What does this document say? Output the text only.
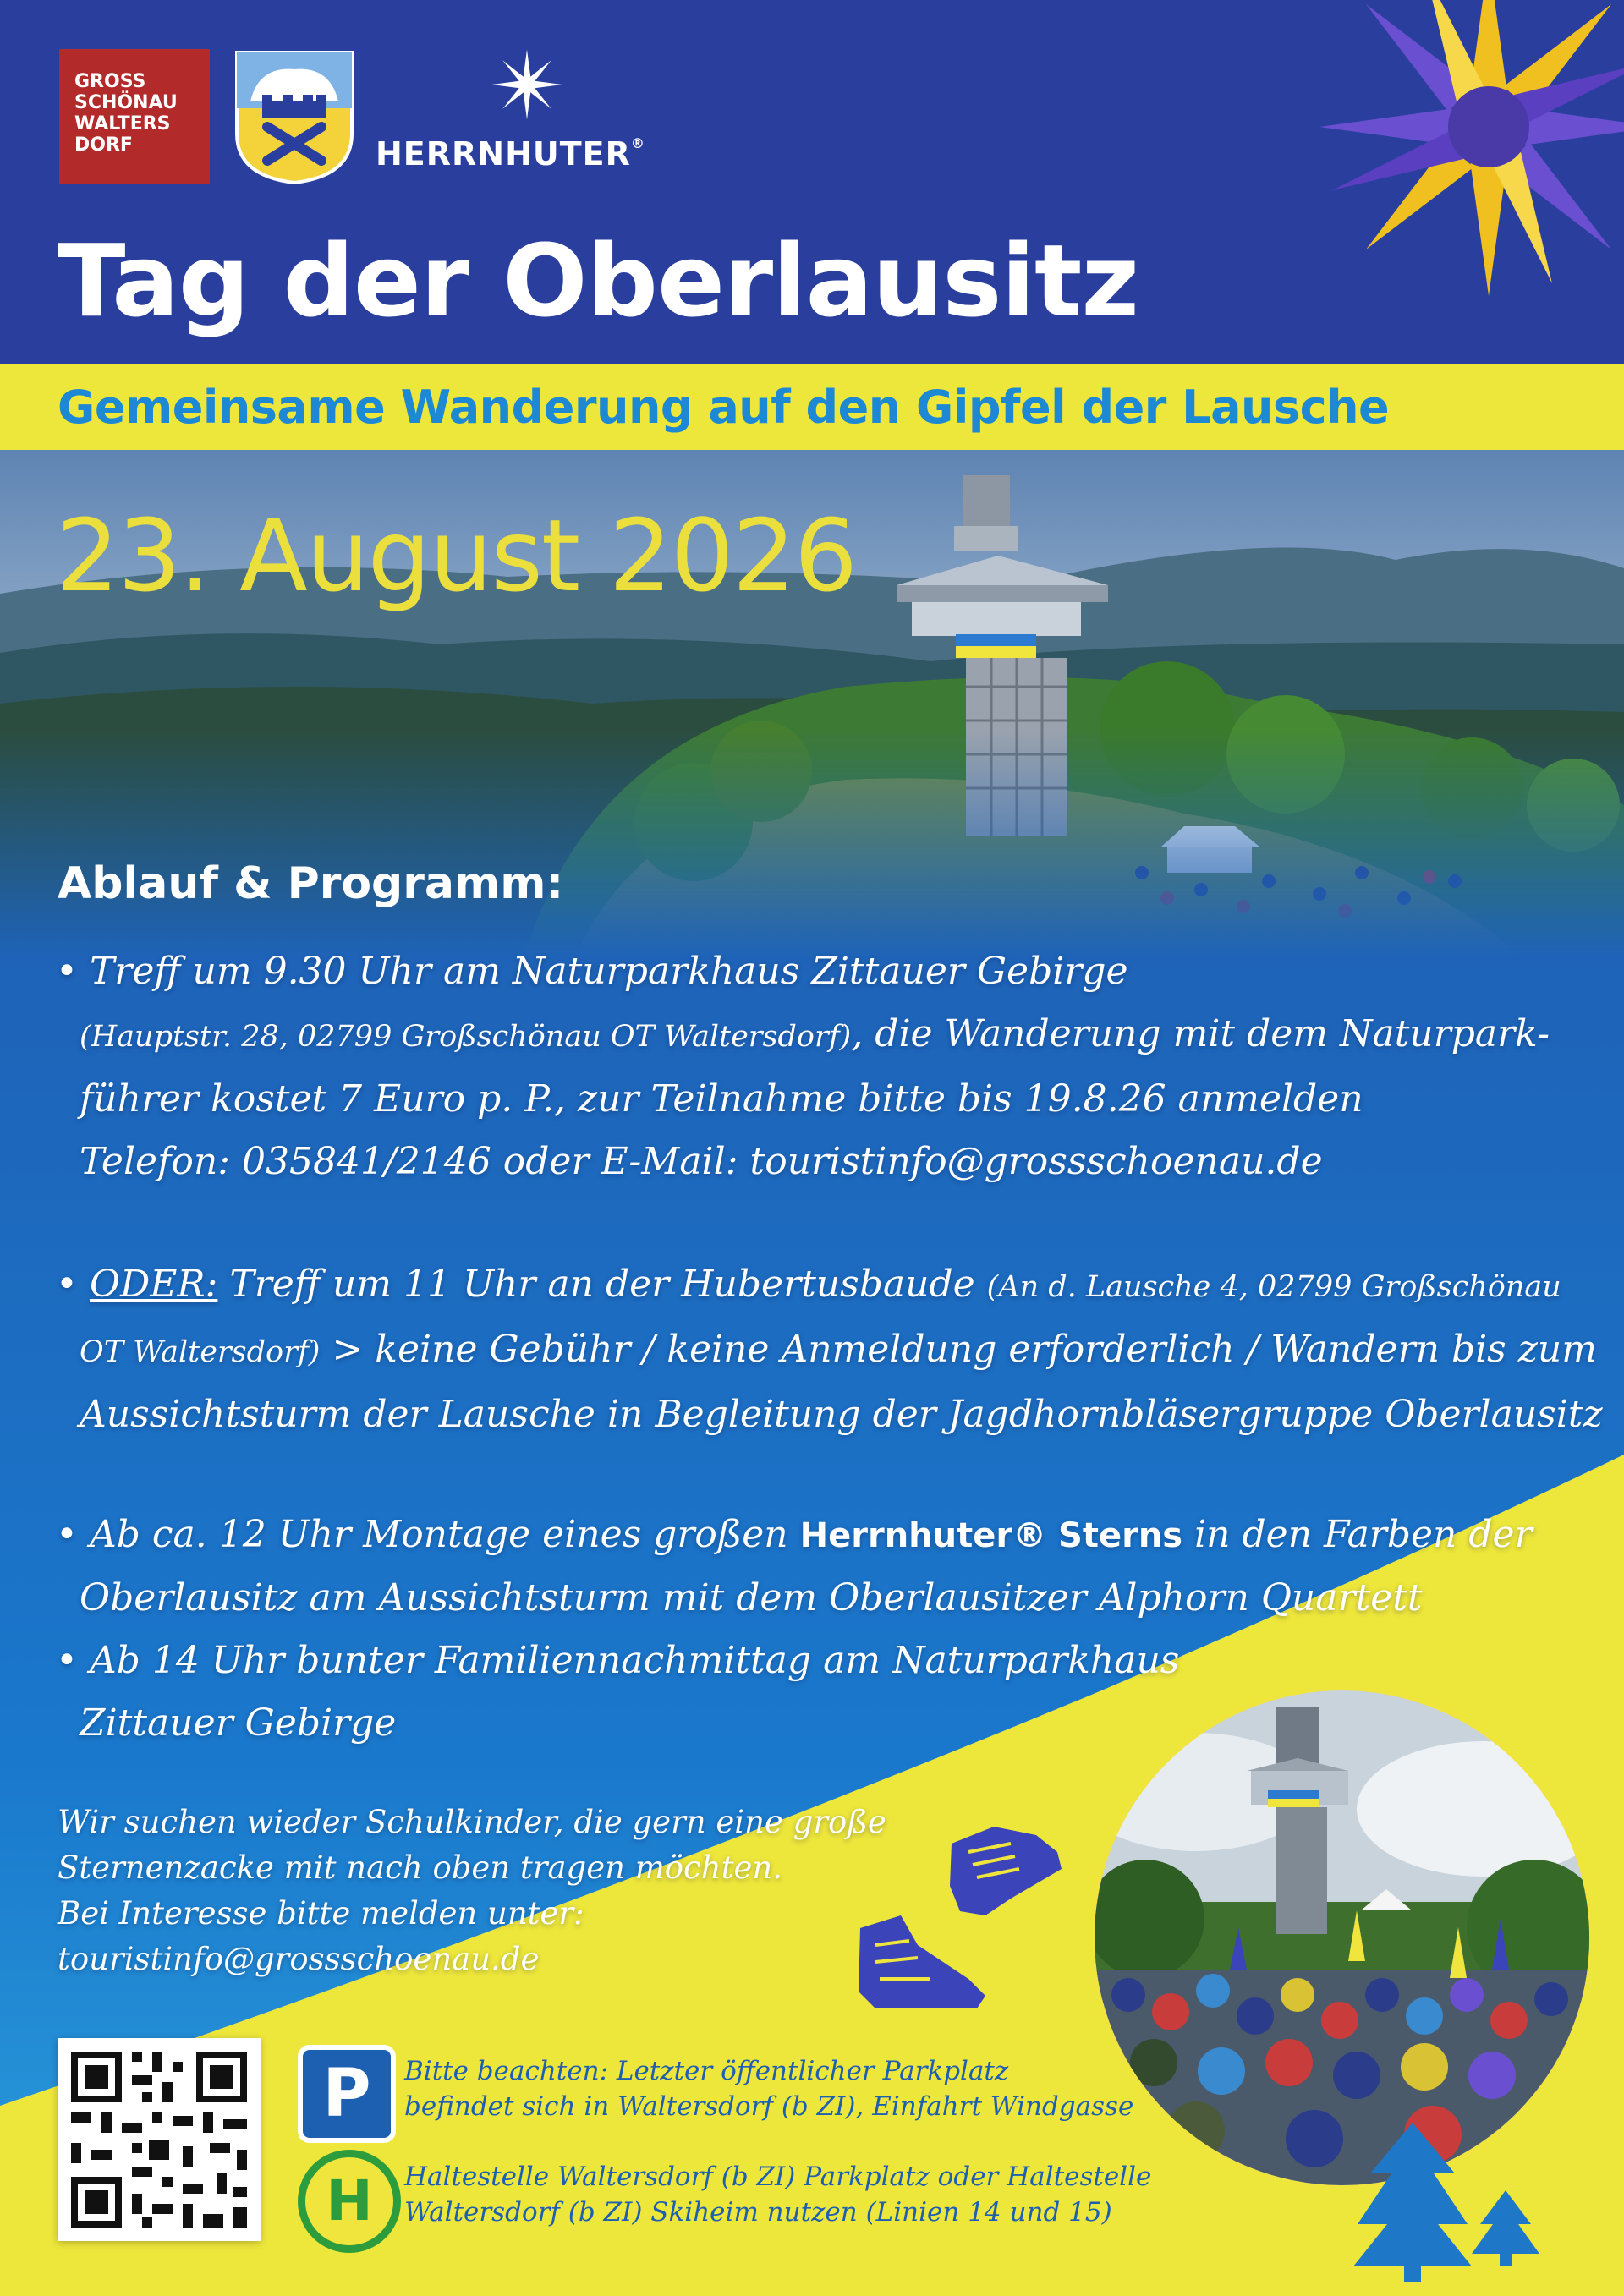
GROSS
SCHÖNAU
WALTERS
DORF	HERRNHUTER®
Tag der Oberlausitz
Gemeinsame Wanderung auf den Gipfel der Lausche
23. August 2026
Ablauf & Programm:
• Treff um 9.30 Uhr am Naturparkhaus Zittauer Gebirge
(Hauptstr. 28, 02799 Großschönau OT Waltersdorf), die Wanderung mit dem Naturpark-
führer kostet 7 Euro p. P., zur Teilnahme bitte bis 19.8.26 anmelden
Telefon: 035841/2146 oder E-Mail: touristinfo@grossschoenau.de
• ODER: Treff um 11 Uhr an der Hubertusbaude (An d. Lausche 4, 02799 Großschönau
OT Waltersdorf) > keine Gebühr / keine Anmeldung erforderlich / Wandern bis zum
Aussichtsturm der Lausche in Begleitung der Jagdhornbläsergruppe Oberlausitz
• Ab ca. 12 Uhr Montage eines großen Herrnhuter® Sterns in den Farben der
Oberlausitz am Aussichtsturm mit dem Oberlausitzer Alphorn Quartett
• Ab 14 Uhr bunter Familiennachmittag am Naturparkhaus
Zittauer Gebirge
Wir suchen wieder Schulkinder, die gern eine große
Sternenzacke mit nach oben tragen möchten.
Bei Interesse bitte melden unter:
touristinfo@grossschoenau.de
P	Bitte beachten: Letzter öffentlicher Parkplatz
befindet sich in Waltersdorf (b ZI), Einfahrt Windgasse
H	Haltestelle Waltersdorf (b ZI) Parkplatz oder Haltestelle
Waltersdorf (b ZI) Skiheim nutzen (Linien 14 und 15)
